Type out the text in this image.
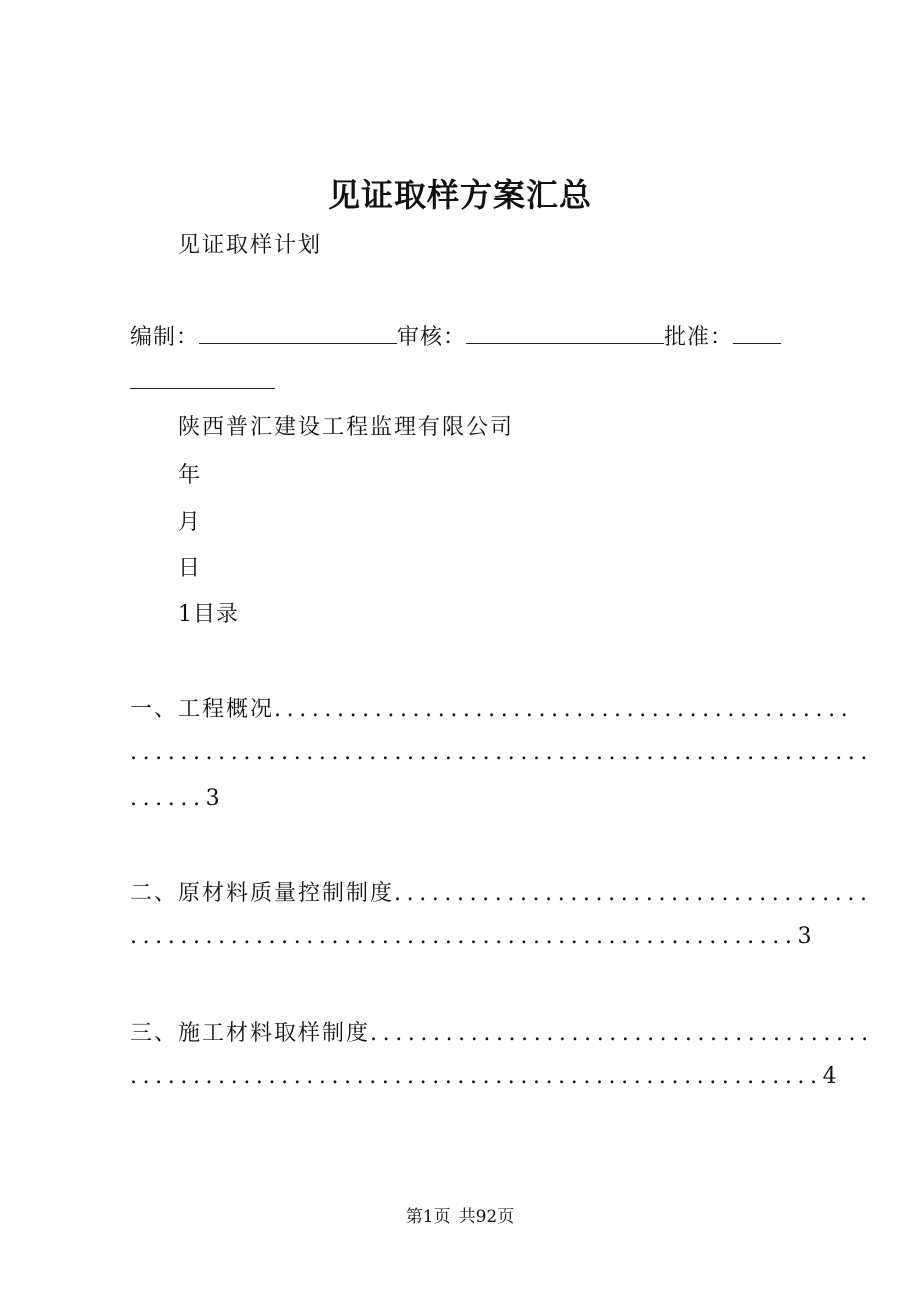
见证取样方案汇总
见证取样计划
编制：	审核：	批准：
陕西普汇建设工程监理有限公司
年
月
日
1目录
一、工程概况..............................................
...........................................................
......3
二、原材料质量控制制度......................................
.....................................................3
三、施工材料取样制度........................................
.......................................................4
第1页 共92页
